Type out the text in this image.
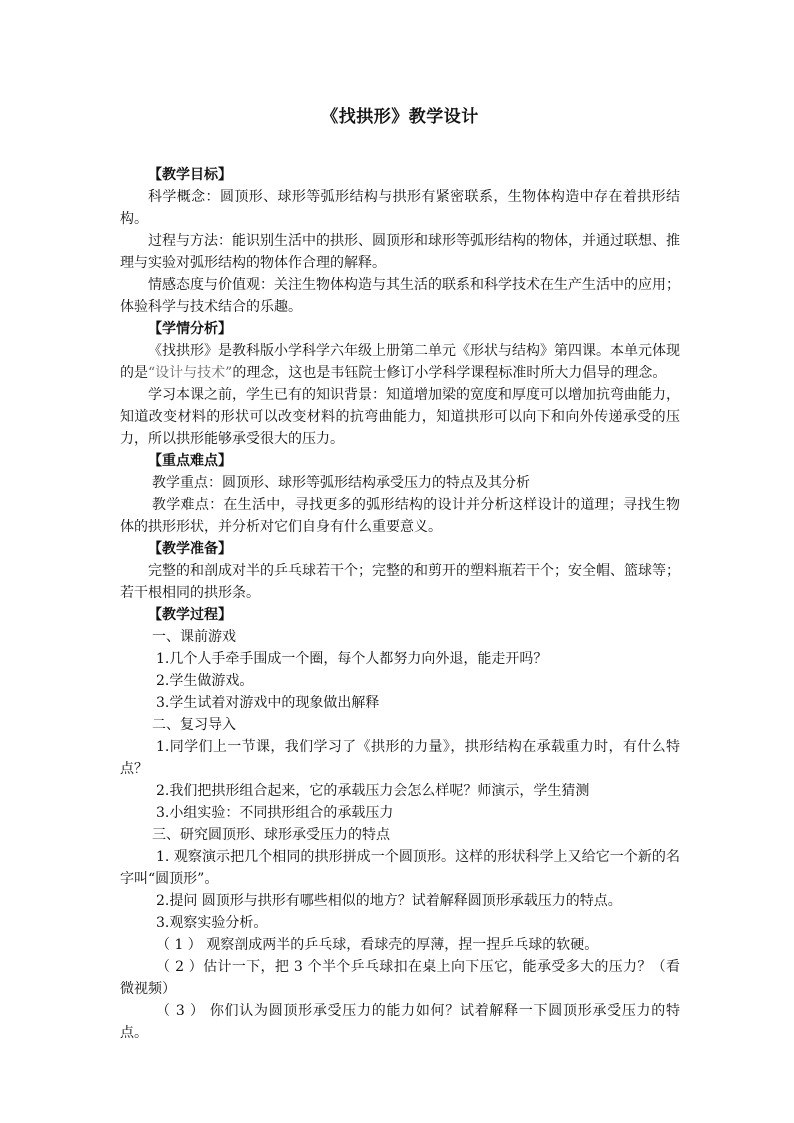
《找拱形》教学设计

【教学目标】

科学概念：圆顶形、球形等弧形结构与拱形有紧密联系，生物体构造中存在着拱形结构。

过程与方法：能识别生活中的拱形、圆顶形和球形等弧形结构的物体，并通过联想、推理与实验对弧形结构的物体作合理的解释。

情感态度与价值观：关注生物体构造与其生活的联系和科学技术在生产生活中的应用；体验科学与技术结合的乐趣。

【学情分析】

《找拱形》是教科版小学科学六年级上册第二单元《形状与结构》第四课。本单元体现的是“设计与技术”的理念，这也是韦钰院士修订小学科学课程标准时所大力倡导的理念。

学习本课之前，学生已有的知识背景：知道增加梁的宽度和厚度可以增加抗弯曲能力，知道改变材料的形状可以改变材料的抗弯曲能力，知道拱形可以向下和向外传递承受的压力，所以拱形能够承受很大的压力。

【重点难点】

教学重点：圆顶形、球形等弧形结构承受压力的特点及其分析

教学难点：在生活中，寻找更多的弧形结构的设计并分析这样设计的道理；寻找生物体的拱形形状，并分析对它们自身有什么重要意义。

【教学准备】

完整的和剖成对半的乒乓球若干个；完整的和剪开的塑料瓶若干个；安全帽、篮球等；若干根相同的拱形条。

【教学过程】

一、课前游戏

1.几个人手牵手围成一个圈，每个人都努力向外退，能走开吗？

2.学生做游戏。

3.学生试着对游戏中的现象做出解释

二、复习导入

1.同学们上一节课，我们学习了《拱形的力量》，拱形结构在承载重力时，有什么特点？

2.我们把拱形组合起来，它的承载压力会怎么样呢？师演示，学生猜测

3.小组实验：不同拱形组合的承载压力

三、研究圆顶形、球形承受压力的特点

1. 观察演示把几个相同的拱形拼成一个圆顶形。这样的形状科学上又给它一个新的名字叫“圆顶形”。

2.提问 圆顶形与拱形有哪些相似的地方？试着解释圆顶形承载压力的特点。

3.观察实验分析。

（ 1 ） 观察剖成两半的乒乓球，看球壳的厚薄，捏一捏乒乓球的软硬。

（ 2 ）估计一下，把 3 个半个乒乓球扣在桌上向下压它，能承受多大的压力？（看微视频）

（ 3 ） 你们认为圆顶形承受压力的能力如何？试着解释一下圆顶形承受压力的特点。
